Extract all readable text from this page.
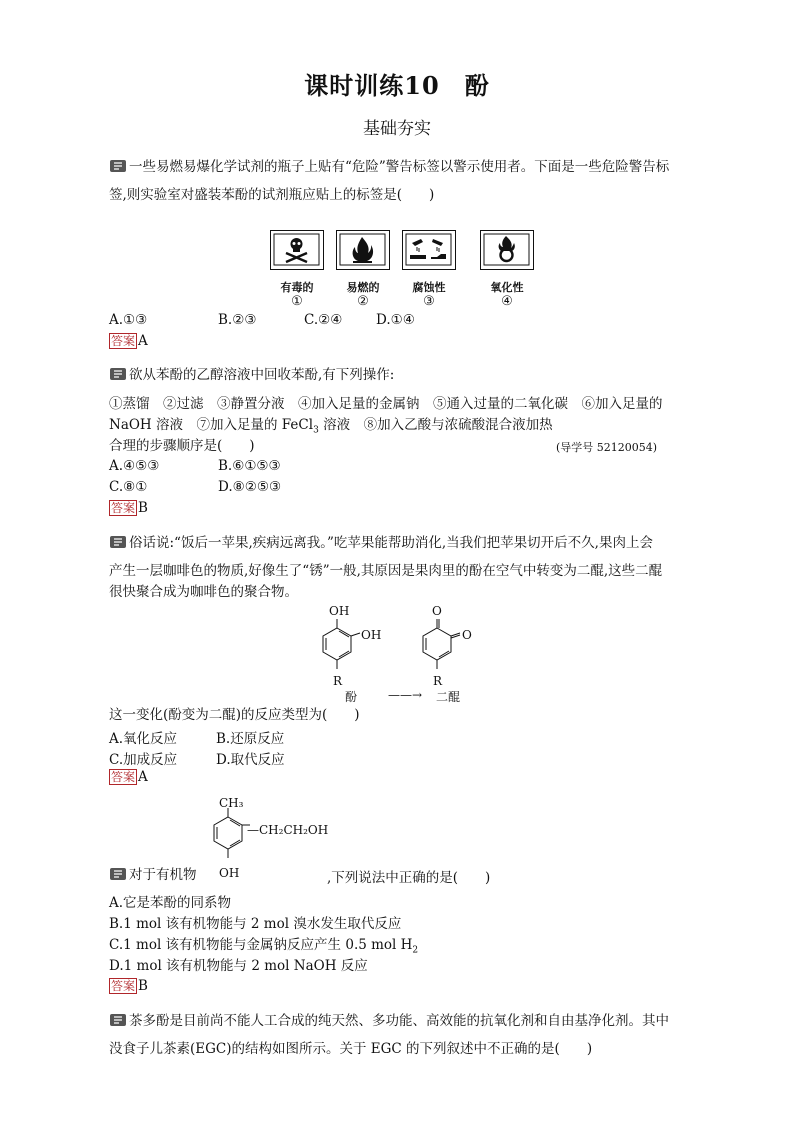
课时训练10　酚
基础夯实
一些易燃易爆化学试剂的瓶子上贴有“危险”警告标签以警示使用者。下面是一些危险警告标
签,则实验室对盛装苯酚的试剂瓶应贴上的标签是(　　)
有毒的	易燃的	腐蚀性	氧化性
①	②	③	④
A.①③	B.②③	C.②④ D.①④
答案 A
欲从苯酚的乙醇溶液中回收苯酚,有下列操作:
①蒸馏　②过滤　③静置分液　④加入足量的金属钠　⑤通入过量的二氧化碳　⑥加入足量的
NaOH 溶液　⑦加入足量的 FeCl$_3$ 溶液　⑧加入乙酸与浓硫酸混合液加热
合理的步骤顺序是(　　)	(导学号 52120054)
A.④⑤③	B.⑥①⑤③
C.⑧①	D.⑧②⑤③
答案 B
俗话说:“饭后一苹果,疾病远离我。”吃苹果能帮助消化,当我们把苹果切开后不久,果肉上会
产生一层咖啡色的物质,好像生了“锈”一般,其原因是果肉里的酚在空气中转变为二醌,这些二醌
很快聚合成为咖啡色的聚合物。
OH
OH
O
O
R	R
酚	——→ 二醌
这一变化(酚变为二醌)的反应类型为(　　)
A.氧化反应	B.还原反应
C.加成反应	D.取代反应
答案 A
CH₃
—CH₂CH₂OH
OH
对于有机物	,下列说法中正确的是(　　)
A.它是苯酚的同系物
B.1 mol 该有机物能与 2 mol 溴水发生取代反应
C.1 mol 该有机物能与金属钠反应产生 0.5 mol $H_2$
D.1 mol 该有机物能与 2 mol NaOH 反应
答案 B
茶多酚是目前尚不能人工合成的纯天然、多功能、高效能的抗氧化剂和自由基净化剂。其中
没食子儿茶素(EGC)的结构如图所示。关于 EGC 的下列叙述中不正确的是(　　)
